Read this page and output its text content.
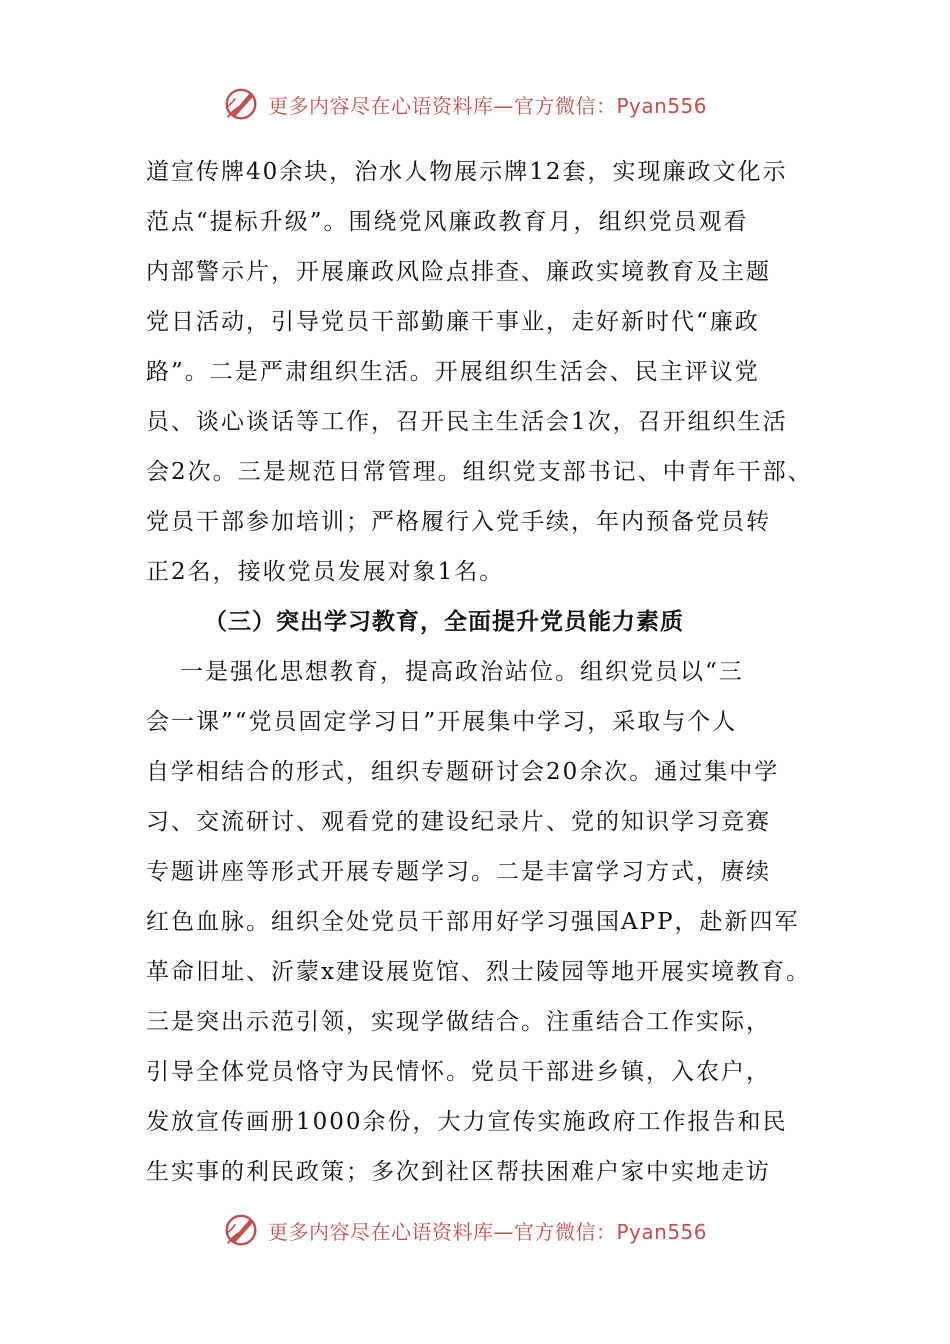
更多内容尽在心语资料库—官方微信：Pyan556
道宣传牌40余块，治水人物展示牌12套，实现廉政文化示
范点“提标升级”。围绕党风廉政教育月，组织党员观看
内部警示片，开展廉政风险点排查、廉政实境教育及主题
党日活动，引导党员干部勤廉干事业，走好新时代“廉政
路”。二是严肃组织生活。开展组织生活会、民主评议党
员、谈心谈话等工作，召开民主生活会1次，召开组织生活
会2次。三是规范日常管理。组织党支部书记、中青年干部、
党员干部参加培训；严格履行入党手续，年内预备党员转
正2名，接收党员发展对象1名。
（三）突出学习教育，全面提升党员能力素质
一是强化思想教育，提高政治站位。组织党员以“三
会一课”“党员固定学习日”开展集中学习，采取与个人
自学相结合的形式，组织专题研讨会20余次。通过集中学
习、交流研讨、观看党的建设纪录片、党的知识学习竞赛
专题讲座等形式开展专题学习。二是丰富学习方式，赓续
红色血脉。组织全处党员干部用好学习强国APP，赴新四军
革命旧址、沂蒙x建设展览馆、烈士陵园等地开展实境教育。
三是突出示范引领，实现学做结合。注重结合工作实际，
引导全体党员恪守为民情怀。党员干部进乡镇，入农户，
发放宣传画册1000余份，大力宣传实施政府工作报告和民
生实事的利民政策；多次到社区帮扶困难户家中实地走访
更多内容尽在心语资料库—官方微信：Pyan556
